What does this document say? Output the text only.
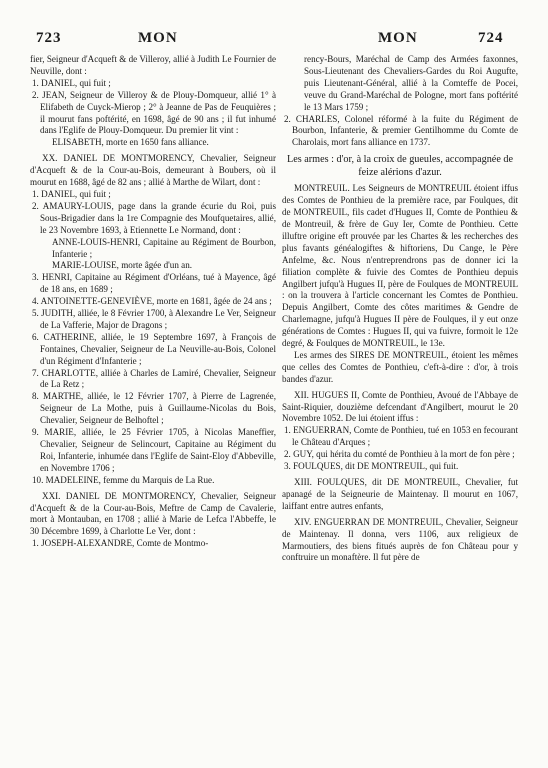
723	MON	MON	724

fier, Seigneur d'Acqueft & de Villeroy, allié à Judith Le Fournier de Neuville, dont :

1. DANIEL, qui fuit ;

2. JEAN, Seigneur de Villeroy & de Plouy-Domqueur, allié 1° à Elifabeth de Cuyck-Mierop ; 2° à Jeanne de Pas de Feuquières ; il mourut fans poftérité, en 1698, âgé de 90 ans ; il fut inhumé dans l'Eglife de Plouy-Domqueur. Du premier lit vint :

ELISABETH, morte en 1650 fans alliance.

XX. DANIEL DE MONTMORENCY, Chevalier, Seigneur d'Acqueft & de la Cour-au-Bois, demeurant à Boubers, où il mourut en 1688, âgé de 82 ans ; allié à Marthe de Wilart, dont :

1. DANIEL, qui fuit ;

2. AMAURY-LOUIS, page dans la grande écurie du Roi, puis Sous-Brigadier dans la 1re Compagnie des Moufquetaires, allié, le 23 Novembre 1693, à Etiennette Le Normand, dont :

ANNE-LOUIS-HENRI, Capitaine au Régiment de Bourbon, Infanterie ;

MARIE-LOUISE, morte âgée d'un an.

3. HENRI, Capitaine au Régiment d'Orléans, tué à Mayence, âgé de 18 ans, en 1689 ;

4. ANTOINETTE-GENEVIÈVE, morte en 1681, âgée de 24 ans ;

5. JUDITH, alliée, le 8 Février 1700, à Alexandre Le Ver, Seigneur de La Vafferie, Major de Dragons ;

6. CATHERINE, alliée, le 19 Septembre 1697, à François de Fontaines, Chevalier, Seigneur de La Neuville-au-Bois, Colonel d'un Régiment d'Infanterie ;

7. CHARLOTTE, alliée à Charles de Lamiré, Chevalier, Seigneur de La Retz ;

8. MARTHE, alliée, le 12 Février 1707, à Pierre de Lagrenée, Seigneur de La Mothe, puis à Guillaume-Nicolas du Bois, Chevalier, Seigneur de Belhoftel ;

9. MARIE, alliée, le 25 Février 1705, à Nicolas Maneffier, Chevalier, Seigneur de Selincourt, Capitaine au Régiment du Roi, Infanterie, inhumée dans l'Eglife de Saint-Eloy d'Abbeville, en Novembre 1706 ;

10. MADELEINE, femme du Marquis de La Rue.

XXI. DANIEL DE MONTMORENCY, Chevalier, Seigneur d'Acqueft & de la Cour-au-Bois, Meftre de Camp de Cavalerie, mort à Montauban, en 1708 ; allié à Marie de Lefca l'Abbeffe, le 30 Décembre 1699, à Charlotte Le Ver, dont :

1. JOSEPH-ALEXANDRE, Comte de Montmo-

rency-Bours, Maréchal de Camp des Armées faxonnes, Sous-Lieutenant des Chevaliers-Gardes du Roi Augufte, puis Lieutenant-Général, allié à la Comteffe de Pocei, veuve du Grand-Maréchal de Pologne, mort fans poftérité le 13 Mars 1759 ;

2. CHARLES, Colonel réformé à la fuite du Régiment de Bourbon, Infanterie, & premier Gentilhomme du Comte de Charolais, mort fans alliance en 1737.

Les armes : d'or, à la croix de gueules, accompagnée de feize alérions d'azur.

MONTREUIL. Les Seigneurs de MONTREUIL étoient iffus des Comtes de Ponthieu de la première race, par Foulques, dit de MONTREUIL, fils cadet d'Hugues II, Comte de Ponthieu & de Montreuil, & frère de Guy Ier, Comte de Ponthieu. Cette illuftre origine eft prouvée par les Chartes & les recherches des plus favants généalogiftes & hiftoriens, Du Cange, le Père Anfelme, &c. Nous n'entreprendrons pas de donner ici la filiation complète & fuivie des Comtes de Ponthieu depuis Angilbert jufqu'à Hugues II, père de Foulques de MONTREUIL : on la trouvera à l'article concernant les Comtes de Ponthieu. Depuis Angilbert, Comte des côtes maritimes & Gendre de Charlemagne, jufqu'à Hugues II père de Foulques, il y eut onze générations de Comtes : Hugues II, qui va fuivre, formoit le 12e degré, & Foulques de MONTREUIL, le 13e.

Les armes des SIRES DE MONTREUIL, étoient les mêmes que celles des Comtes de Ponthieu, c'eft-à-dire : d'or, à trois bandes d'azur.

XII. HUGUES II, Comte de Ponthieu, Avoué de l'Abbaye de Saint-Riquier, douzième defcendant d'Angilbert, mourut le 20 Novembre 1052. De lui étoient iffus :

1. ENGUERRAN, Comte de Ponthieu, tué en 1053 en fecourant le Château d'Arques ;

2. GUY, qui hérita du comté de Ponthieu à la mort de fon père ;

3. FOULQUES, dit DE MONTREUIL, qui fuit.

XIII. FOULQUES, dit DE MONTREUIL, Chevalier, fut apanagé de la Seigneurie de Maintenay. Il mourut en 1067, laiffant entre autres enfants,

XIV. ENGUERRAN DE MONTREUIL, Chevalier, Seigneur de Maintenay. Il donna, vers 1106, aux religieux de Marmoutiers, des biens fitués auprès de fon Château pour y conftruire un monaftère. Il fut père de
